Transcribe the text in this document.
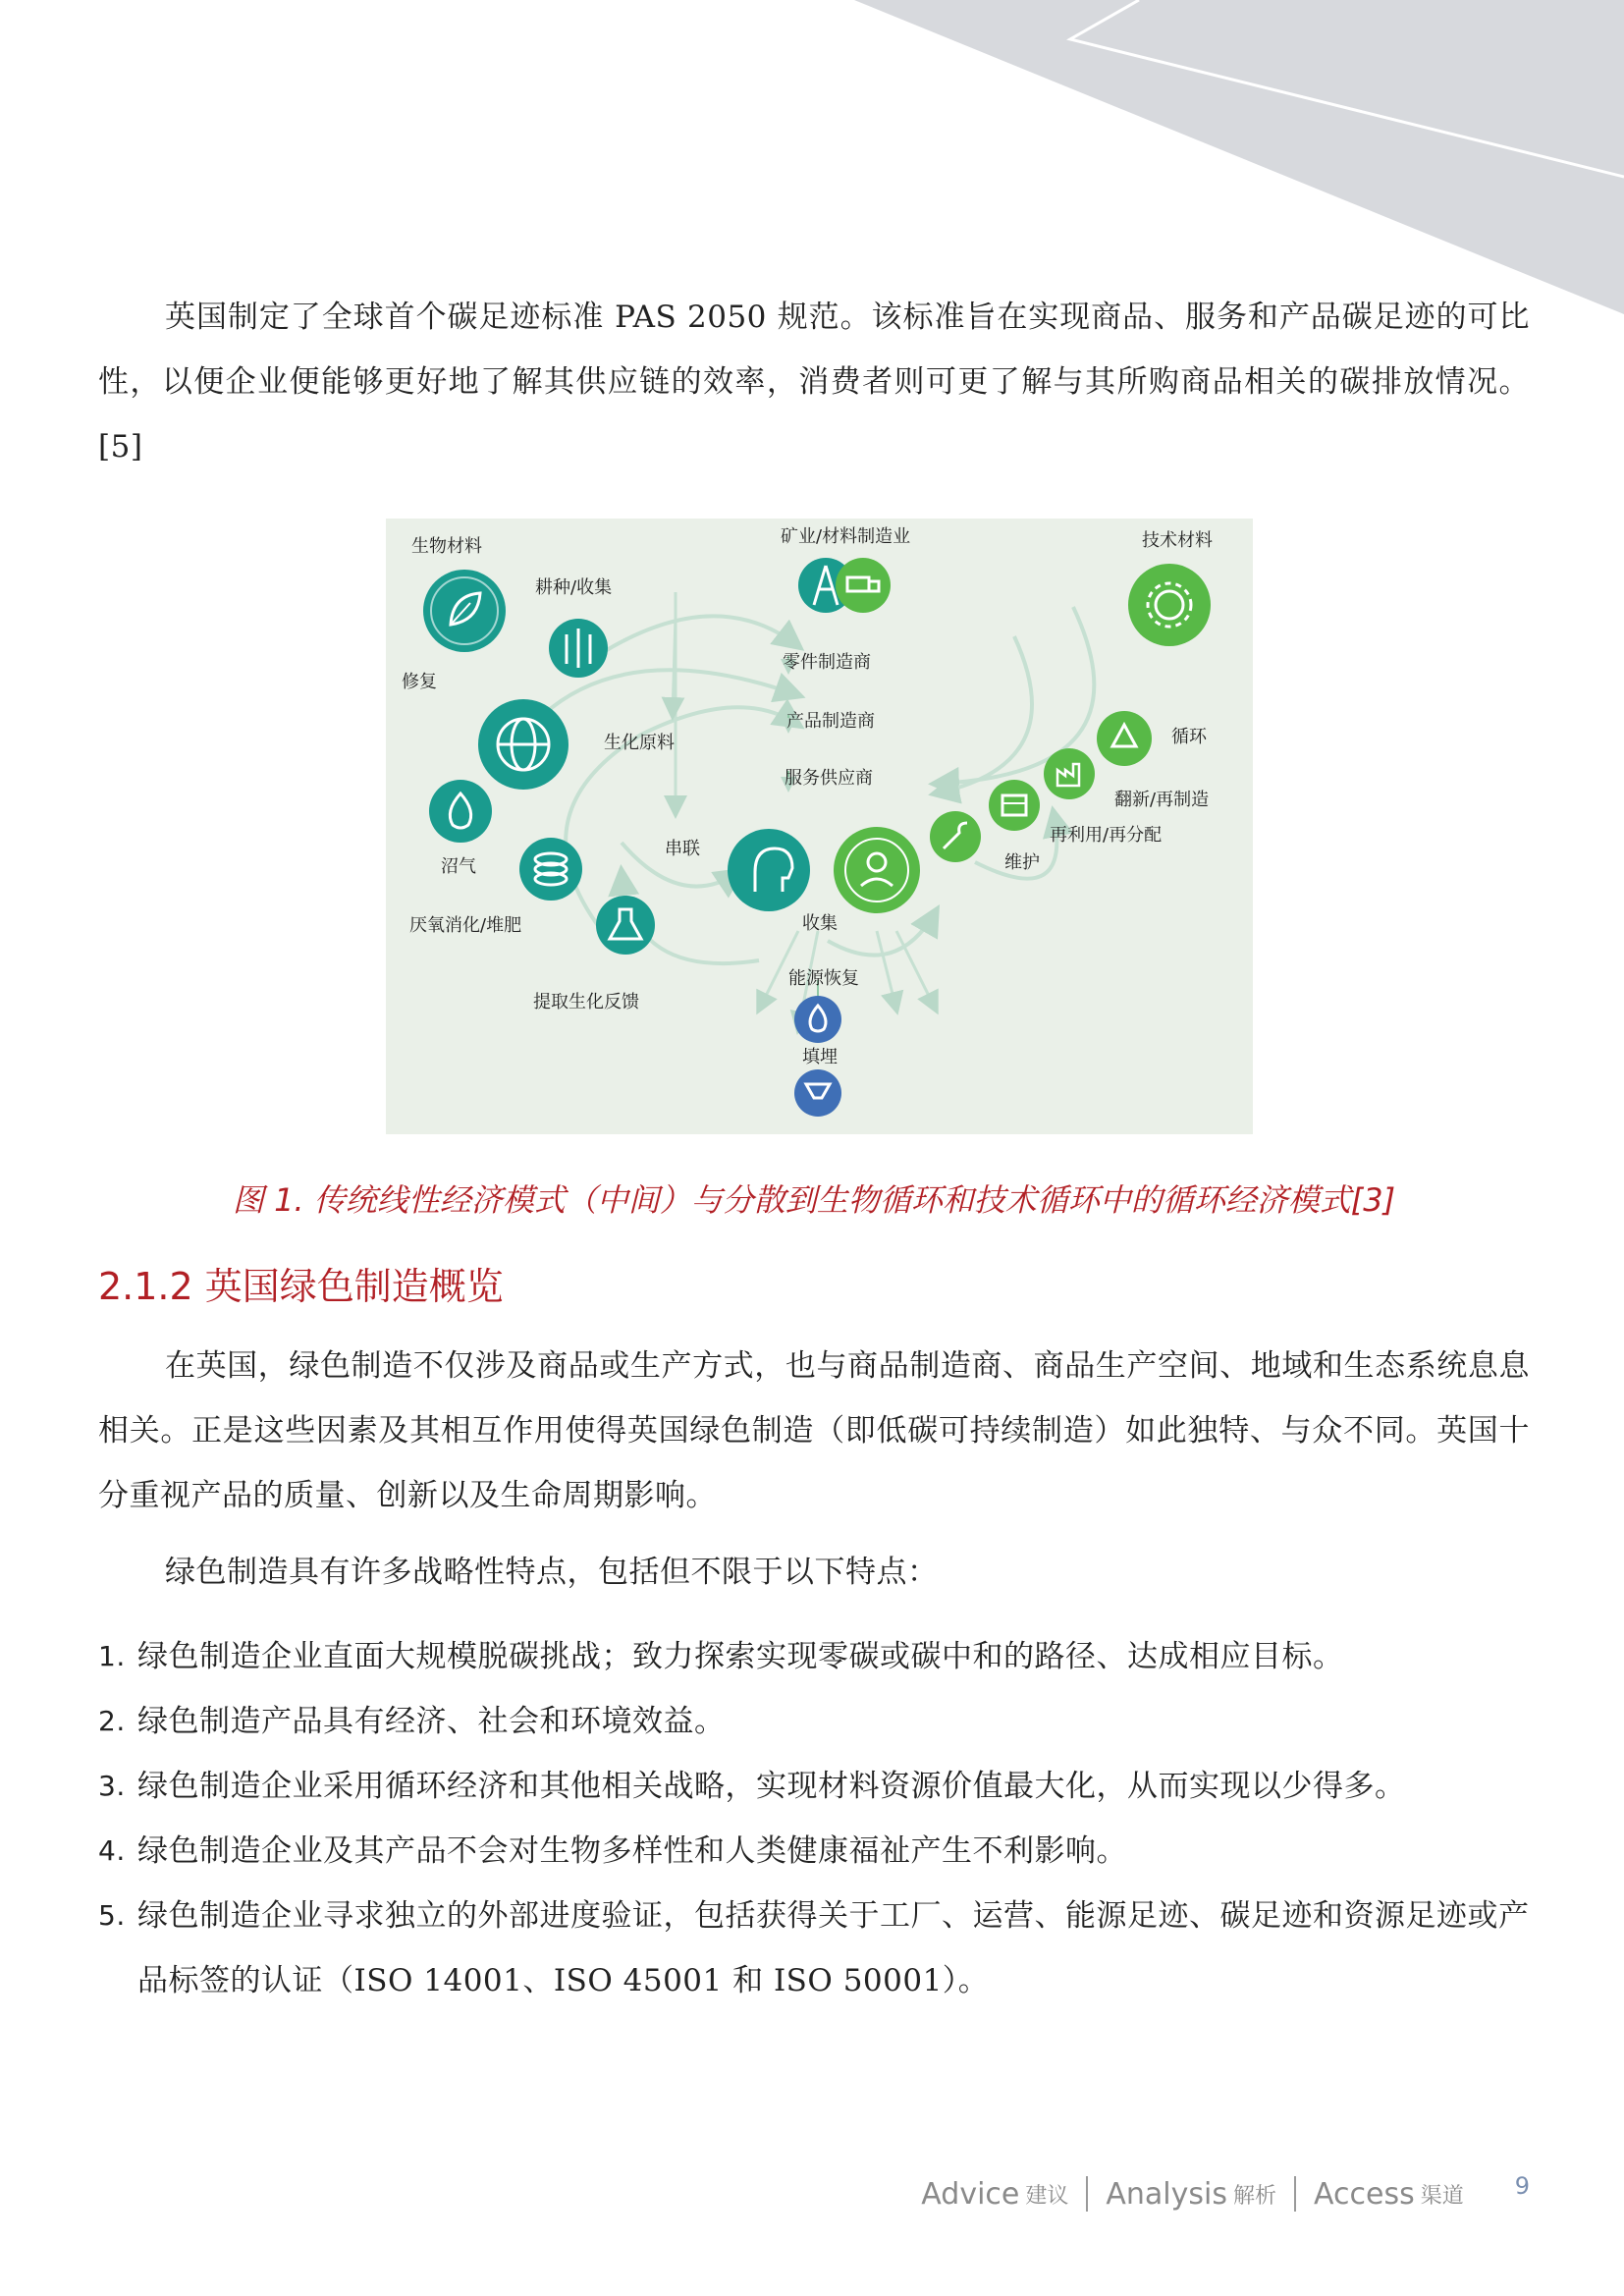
英国制定了全球首个碳足迹标准 PAS 2050 规范。该标准旨在实现商品、服务和产品碳足迹的可比性，以便企业便能够更好地了解其供应链的效率，消费者则可更了解与其所购商品相关的碳排放情况。[5]

生物材料
耕种/收集
修复
生化原料
沼气
厌氧消化/堆肥
提取生化反馈
串联
矿业/材料制造业
零件制造商
产品制造商
服务供应商
收集
能源恢复
填埋
技术材料
循环
翻新/再制造
再利用/再分配
维护
图 1. 传统线性经济模式（中间）与分散到生物循环和技术循环中的循环经济模式[3]
2.1.2 英国绿色制造概览

在英国，绿色制造不仅涉及商品或生产方式，也与商品制造商、商品生产空间、地域和生态系统息息相关。正是这些因素及其相互作用使得英国绿色制造（即低碳可持续制造）如此独特、与众不同。英国十分重视产品的质量、创新以及生命周期影响。

绿色制造具有许多战略性特点，包括但不限于以下特点：

1. 绿色制造企业直面大规模脱碳挑战；致力探索实现零碳或碳中和的路径、达成相应目标。
2. 绿色制造产品具有经济、社会和环境效益。
3. 绿色制造企业采用循环经济和其他相关战略，实现材料资源价值最大化，从而实现以少得多。
4. 绿色制造企业及其产品不会对生物多样性和人类健康福祉产生不利影响。
5. 绿色制造企业寻求独立的外部进度验证，包括获得关于工厂、运营、能源足迹、碳足迹和资源足迹或产品标签的认证（ISO 14001、ISO 45001 和 ISO 50001）。
Advice 建议 Analysis 解析 Access 渠道 9
